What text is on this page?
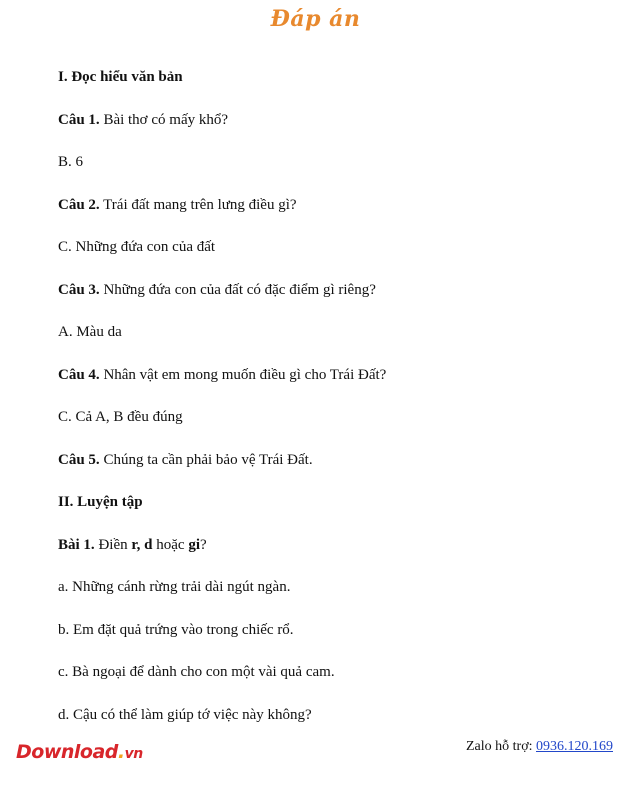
Đáp án
I. Đọc hiểu văn bản
Câu 1. Bài thơ có mấy khổ?
B. 6
Câu 2. Trái đất mang trên lưng điều gì?
C. Những đứa con của đất
Câu 3. Những đứa con của đất có đặc điểm gì riêng?
A. Màu da
Câu 4. Nhân vật em mong muốn điều gì cho Trái Đất?
C. Cả A, B đều đúng
Câu 5. Chúng ta cần phải bảo vệ Trái Đất.
II. Luyện tập
Bài 1. Điền r, d hoặc gi?
a. Những cánh rừng trải dài ngút ngàn.
b. Em đặt quả trứng vào trong chiếc rổ.
c. Bà ngoại để dành cho con một vài quả cam.
d. Cậu có thể làm giúp tớ việc này không?
Download.vn	Zalo hỗ trợ: 0936.120.169
